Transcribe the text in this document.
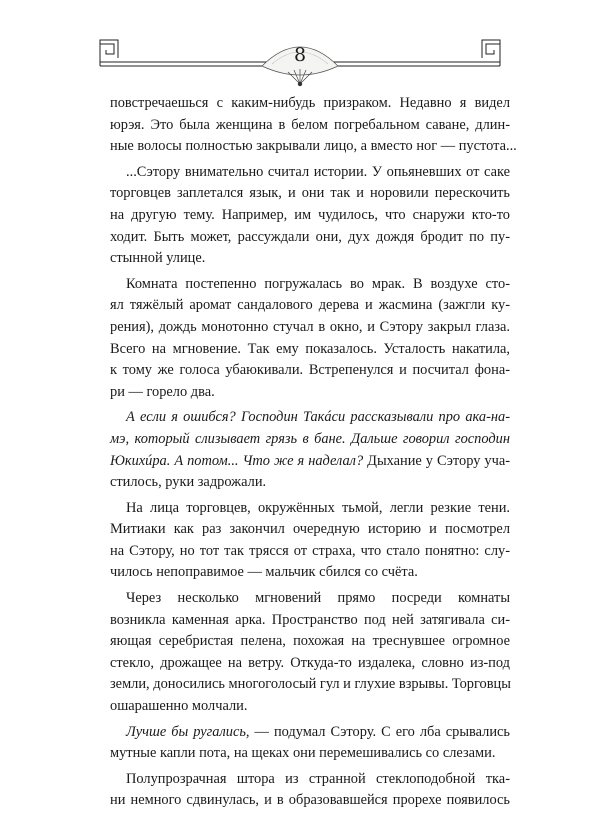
8

повстречаешься с каким-нибудь призраком. Недавно я видел
юрэя. Это была женщина в белом погребальном саване, длин-
ные волосы полностью закрывали лицо, а вместо ног — пустота...

...Сэтору внимательно считал истории. У опьяневших от саке
торговцев заплетался язык, и они так и норовили перескочить
на другую тему. Например, им чудилось, что снаружи кто-то
ходит. Быть может, рассуждали они, дух дождя бродит по пу-
стынной улице.

Комната постепенно погружалась во мрак. В воздухе сто-
ял тяжёлый аромат сандалового дерева и жасмина (зажгли ку-
рения), дождь монотонно стучал в окно, и Сэтору закрыл глаза.
Всего на мгновение. Так ему показалось. Усталость накатила,
к тому же голоса убаюкивали. Встрепенулся и посчитал фона-
ри — горело два.

А если я ошибся? Господин Такáси рассказывали про ака-на-
мэ, который слизывает грязь в бане. Дальше говорил господин
Юкихúра. А потом... Что же я наделал? Дыхание у Сэтору уча-
стилось, руки задрожали.

На лица торговцев, окружённых тьмой, легли резкие тени.
Митиаки как раз закончил очередную историю и посмотрел
на Сэтору, но тот так трясся от страха, что стало понятно: слу-
чилось непоправимое — мальчик сбился со счёта.

Через несколько мгновений прямо посреди комнаты
возникла каменная арка. Пространство под ней затягивала си-
яющая серебристая пелена, похожая на треснувшее огромное
стекло, дрожащее на ветру. Откуда-то издалека, словно из-под
земли, доносились многоголосый гул и глухие взрывы. Торговцы
ошарашенно молчали.

Лучше бы ругались, — подумал Сэтору. С его лба срывались
мутные капли пота, на щеках они перемешивались со слезами.

Полупрозрачная штора из странной стеклоподобной тка-
ни немного сдвинулась, и в образовавшейся прорехе появилось
